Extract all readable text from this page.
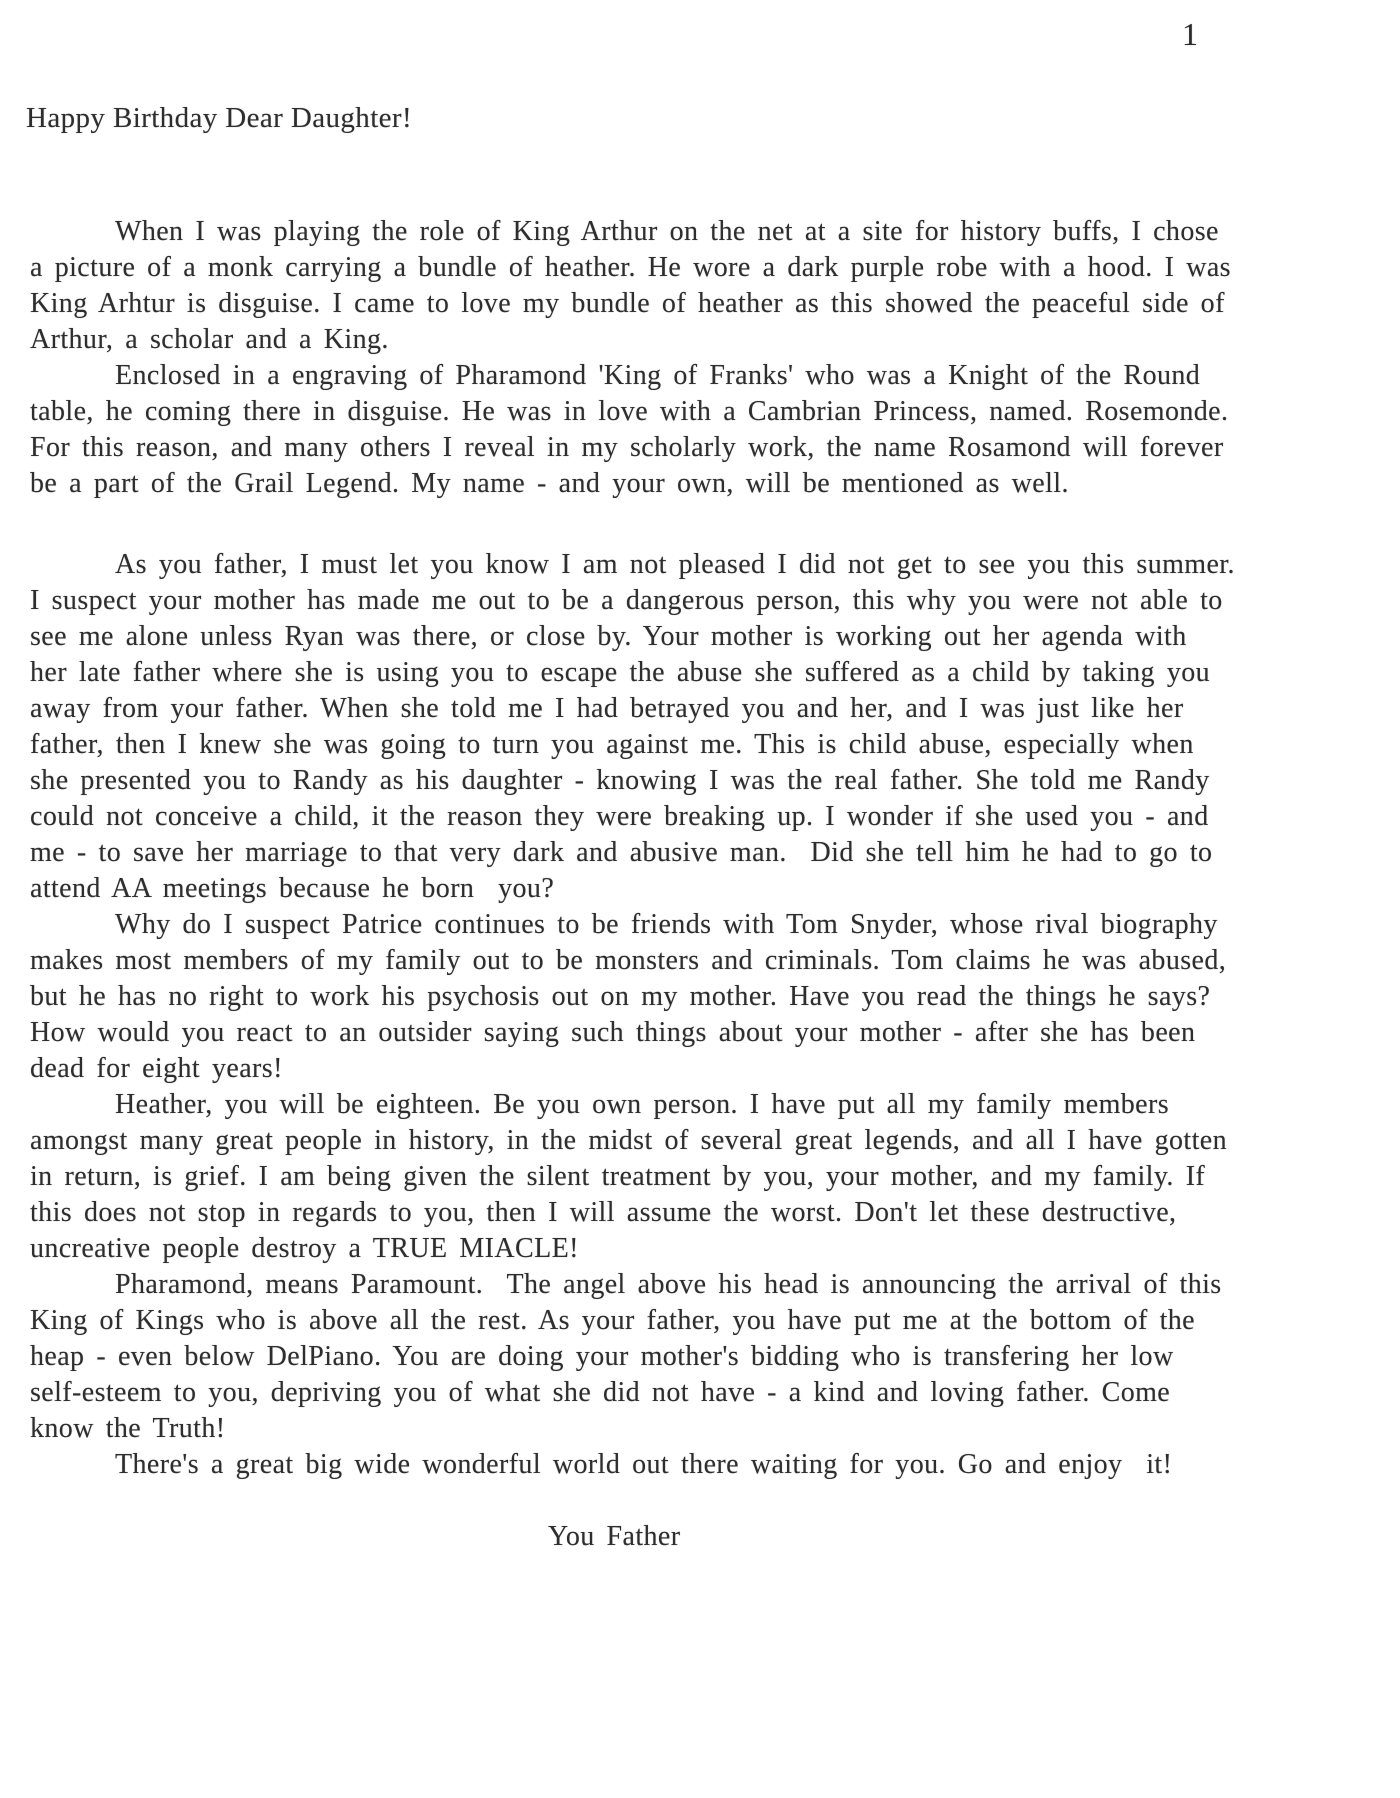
1
Happy Birthday Dear Daughter!

When I was playing the role of King Arthur on the net at a site for history buffs, I chose a picture of a monk carrying a bundle of heather. He wore a dark purple robe with a hood. I was King Arhtur is disguise. I came to love my bundle of heather as this showed the peaceful side of Arthur, a scholar and a King.

Enclosed in a engraving of Pharamond 'King of Franks' who was a Knight of the Round table, he coming there in disguise. He was in love with a Cambrian Princess, named. Rosemonde. For this reason, and many others I reveal in my scholarly work, the name Rosamond will forever be a part of the Grail Legend. My name - and your own, will be mentioned as well.

As you father, I must let you know I am not pleased I did not get to see you this summer. I suspect your mother has made me out to be a dangerous person, this why you were not able to see me alone unless Ryan was there, or close by. Your mother is working out her agenda with her late father where she is using you to escape the abuse she suffered as a child by taking you away from your father. When she told me I had betrayed you and her, and I was just like her father, then I knew she was going to turn you against me. This is child abuse, especially when she presented you to Randy as his daughter - knowing I was the real father. She told me Randy could not conceive a child, it the reason they were breaking up. I wonder if she used you - and me - to save her marriage to that very dark and abusive man.  Did she tell him he had to go to attend AA meetings because he born  you?

Why do I suspect Patrice continues to be friends with Tom Snyder, whose rival biography makes most members of my family out to be monsters and criminals. Tom claims he was abused, but he has no right to work his psychosis out on my mother. Have you read the things he says? How would you react to an outsider saying such things about your mother - after she has been dead for eight years!

Heather, you will be eighteen. Be you own person. I have put all my family members amongst many great people in history, in the midst of several great legends, and all I have gotten in return, is grief. I am being given the silent treatment by you, your mother, and my family. If this does not stop in regards to you, then I will assume the worst. Don't let these destructive, uncreative people destroy a TRUE MIACLE!

Pharamond, means Paramount.  The angel above his head is announcing the arrival of this King of Kings who is above all the rest. As your father, you have put me at the bottom of the heap - even below DelPiano. You are doing your mother's bidding who is transfering her low self-esteem to you, depriving you of what she did not have - a kind and loving father. Come know the Truth!

There's a great big wide wonderful world out there waiting for you. Go and enjoy  it!

You Father
